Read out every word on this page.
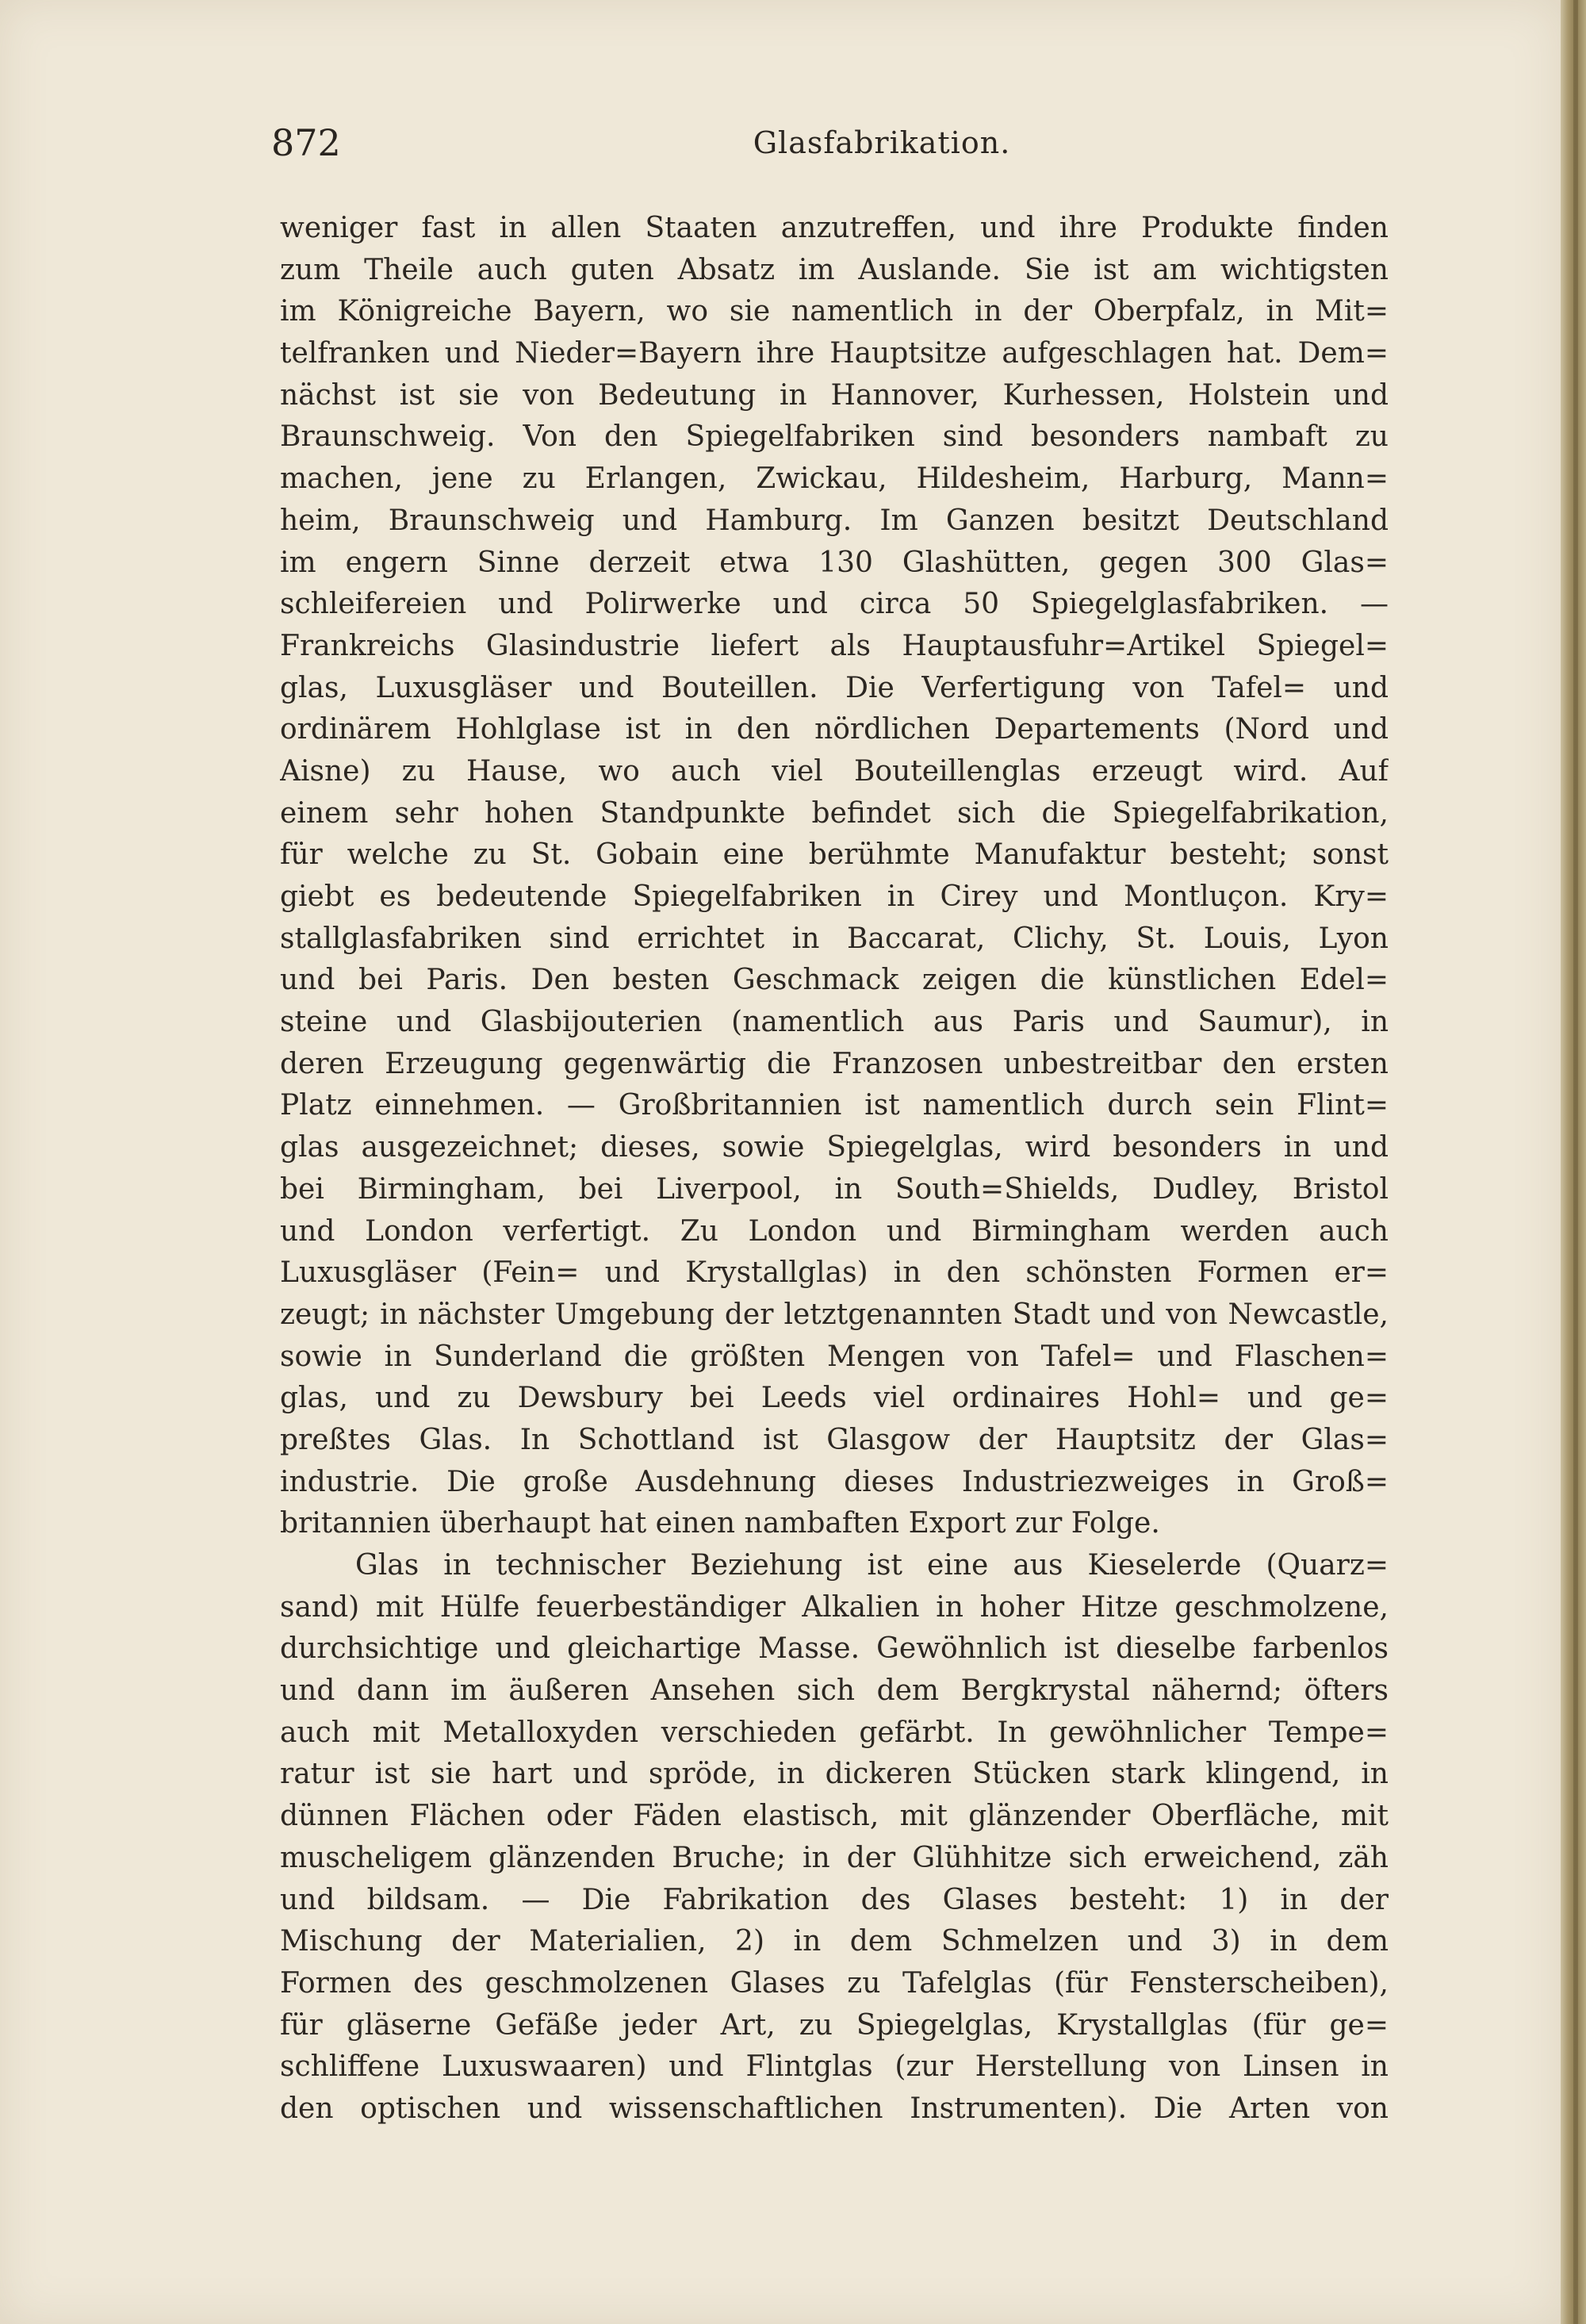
872	Glasfabrikation.
weniger fast in allen Staaten anzutreffen, und ihre Produkte finden
zum Theile auch guten Absatz im Auslande. Sie ist am wichtigsten
im Königreiche Bayern, wo sie namentlich in der Oberpfalz, in Mit=
telfranken und Nieder=Bayern ihre Hauptsitze aufgeschlagen hat. Dem=
nächst ist sie von Bedeutung in Hannover, Kurhessen, Holstein und
Braunschweig. Von den Spiegelfabriken sind besonders nambaft zu
machen, jene zu Erlangen, Zwickau, Hildesheim, Harburg, Mann=
heim, Braunschweig und Hamburg. Im Ganzen besitzt Deutschland
im engern Sinne derzeit etwa 130 Glashütten, gegen 300 Glas=
schleifereien und Polirwerke und circa 50 Spiegelglasfabriken. —
Frankreichs Glasindustrie liefert als Hauptausfuhr=Artikel Spiegel=
glas, Luxusgläser und Bouteillen. Die Verfertigung von Tafel= und
ordinärem Hohlglase ist in den nördlichen Departements (Nord und
Aisne) zu Hause, wo auch viel Bouteillenglas erzeugt wird. Auf
einem sehr hohen Standpunkte befindet sich die Spiegelfabrikation,
für welche zu St. Gobain eine berühmte Manufaktur besteht; sonst
giebt es bedeutende Spiegelfabriken in Cirey und Montluçon. Kry=
stallglasfabriken sind errichtet in Baccarat, Clichy, St. Louis, Lyon
und bei Paris. Den besten Geschmack zeigen die künstlichen Edel=
steine und Glasbijouterien (namentlich aus Paris und Saumur), in
deren Erzeugung gegenwärtig die Franzosen unbestreitbar den ersten
Platz einnehmen. — Großbritannien ist namentlich durch sein Flint=
glas ausgezeichnet; dieses, sowie Spiegelglas, wird besonders in und
bei Birmingham, bei Liverpool, in South=Shields, Dudley, Bristol
und London verfertigt. Zu London und Birmingham werden auch
Luxusgläser (Fein= und Krystallglas) in den schönsten Formen er=
zeugt; in nächster Umgebung der letztgenannten Stadt und von Newcastle,
sowie in Sunderland die größten Mengen von Tafel= und Flaschen=
glas, und zu Dewsbury bei Leeds viel ordinaires Hohl= und ge=
preßtes Glas. In Schottland ist Glasgow der Hauptsitz der Glas=
industrie. Die große Ausdehnung dieses Industriezweiges in Groß=
britannien überhaupt hat einen nambaften Export zur Folge.
Glas in technischer Beziehung ist eine aus Kieselerde (Quarz=
sand) mit Hülfe feuerbeständiger Alkalien in hoher Hitze geschmolzene,
durchsichtige und gleichartige Masse. Gewöhnlich ist dieselbe farbenlos
und dann im äußeren Ansehen sich dem Bergkrystal nähernd; öfters
auch mit Metalloxyden verschieden gefärbt. In gewöhnlicher Tempe=
ratur ist sie hart und spröde, in dickeren Stücken stark klingend, in
dünnen Flächen oder Fäden elastisch, mit glänzender Oberfläche, mit
muscheligem glänzenden Bruche; in der Glühhitze sich erweichend, zäh
und bildsam. — Die Fabrikation des Glases besteht: 1) in der
Mischung der Materialien, 2) in dem Schmelzen und 3) in dem
Formen des geschmolzenen Glases zu Tafelglas (für Fensterscheiben),
für gläserne Gefäße jeder Art, zu Spiegelglas, Krystallglas (für ge=
schliffene Luxuswaaren) und Flintglas (zur Herstellung von Linsen in
den optischen und wissenschaftlichen Instrumenten). Die Arten von
